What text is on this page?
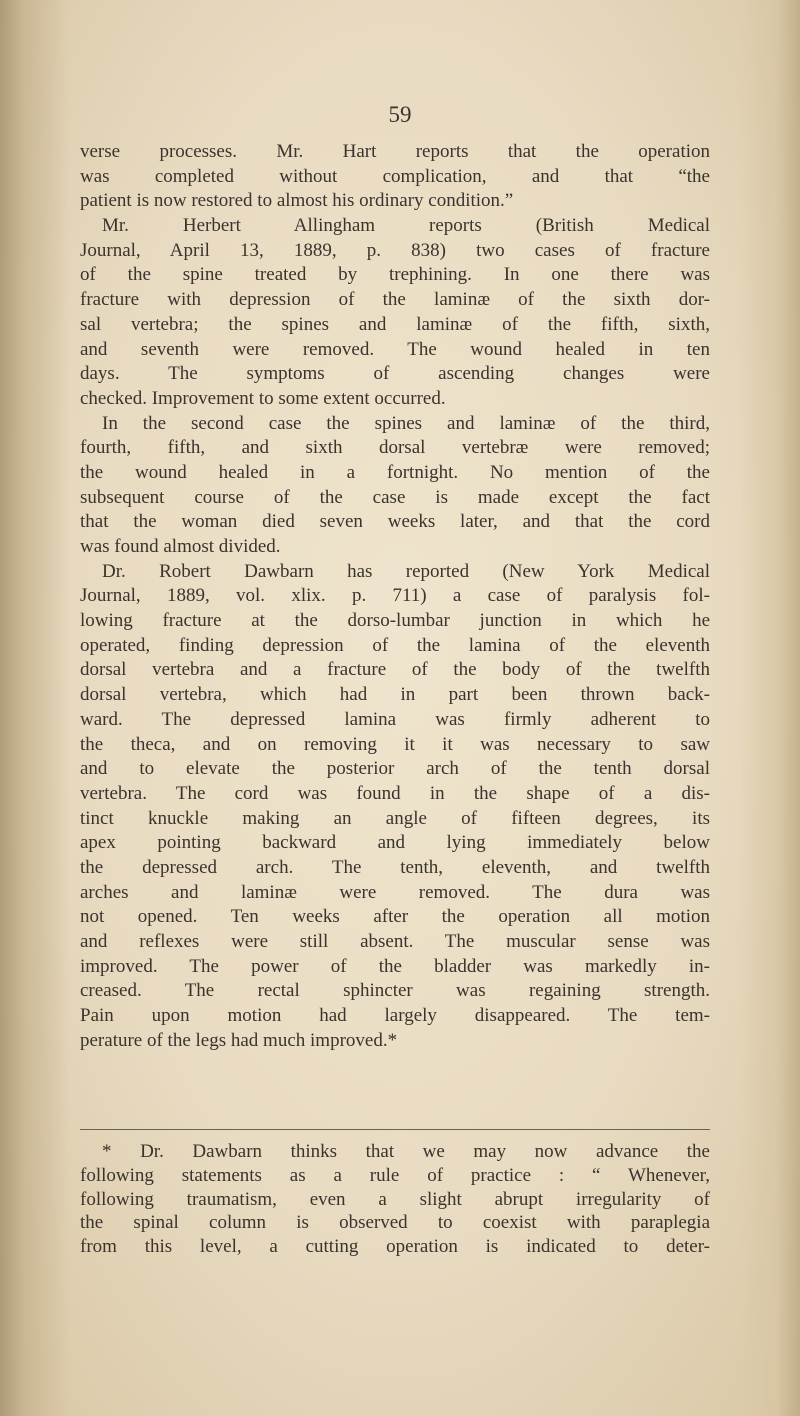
59
verse processes. Mr. Hart reports that the operation
was completed without complication, and that “the
patient is now restored to almost his ordinary condition.”
Mr. Herbert Allingham reports (British Medical
Journal, April 13, 1889, p. 838) two cases of fracture
of the spine treated by trephining. In one there was
fracture with depression of the laminæ of the sixth dor-
sal vertebra; the spines and laminæ of the fifth, sixth,
and seventh were removed. The wound healed in ten
days. The symptoms of ascending changes were
checked. Improvement to some extent occurred.
In the second case the spines and laminæ of the third,
fourth, fifth, and sixth dorsal vertebræ were removed;
the wound healed in a fortnight. No mention of the
subsequent course of the case is made except the fact
that the woman died seven weeks later, and that the cord
was found almost divided.
Dr. Robert Dawbarn has reported (New York Medical
Journal, 1889, vol. xlix. p. 711) a case of paralysis fol-
lowing fracture at the dorso-lumbar junction in which he
operated, finding depression of the lamina of the eleventh
dorsal vertebra and a fracture of the body of the twelfth
dorsal vertebra, which had in part been thrown back-
ward. The depressed lamina was firmly adherent to
the theca, and on removing it it was necessary to saw
and to elevate the posterior arch of the tenth dorsal
vertebra. The cord was found in the shape of a dis-
tinct knuckle making an angle of fifteen degrees, its
apex pointing backward and lying immediately below
the depressed arch. The tenth, eleventh, and twelfth
arches and laminæ were removed. The dura was
not opened. Ten weeks after the operation all motion
and reflexes were still absent. The muscular sense was
improved. The power of the bladder was markedly in-
creased. The rectal sphincter was regaining strength.
Pain upon motion had largely disappeared. The tem-
perature of the legs had much improved.*
* Dr. Dawbarn thinks that we may now advance the
following statements as a rule of practice : “ Whenever,
following traumatism, even a slight abrupt irregularity of
the spinal column is observed to coexist with paraplegia
from this level, a cutting operation is indicated to deter-
